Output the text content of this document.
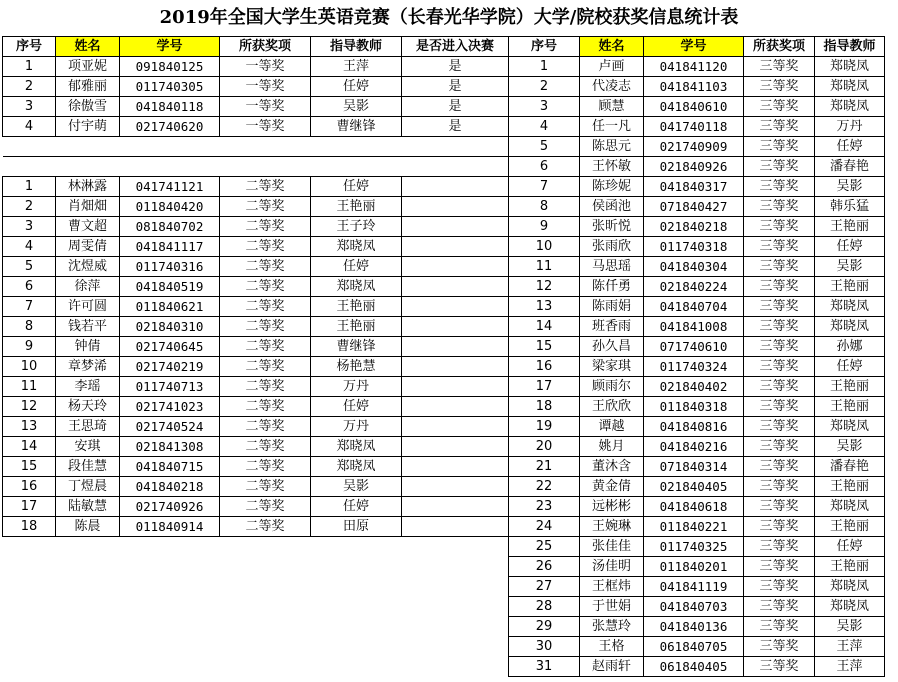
2019年全国大学生英语竞赛（长春光华学院）大学/院校获奖信息统计表
序号	姓名	学号	所获奖项	指导教师	是否进入决赛
1	项亚妮	091840125	一等奖	王萍	是
2	郁雅丽	011740305	一等奖	任婷	是
3	徐傲雪	041840118	一等奖	吴影	是
4	付宇萌	021740620	一等奖	曹继锋	是

1	林淋露	041741121	二等奖	任婷	
2	肖畑畑	011840420	二等奖	王艳丽	
3	曹文超	081840702	二等奖	王子玲	
4	周雯倩	041841117	二等奖	郑晓凤	
5	沈煜威	011740316	二等奖	任婷	
6	徐萍	041840519	二等奖	郑晓凤	
7	许可圆	011840621	二等奖	王艳丽	
8	钱若平	021840310	二等奖	王艳丽	
9	钟倩	021740645	二等奖	曹继锋	
10	章梦浠	021740219	二等奖	杨艳慧	
11	李瑶	011740713	二等奖	万丹	
12	杨天玲	021741023	二等奖	任婷	
13	王思琦	021740524	二等奖	万丹	
14	安琪	021841308	二等奖	郑晓凤	
15	段佳慧	041840715	二等奖	郑晓凤	
16	丁煜晨	041840218	二等奖	吴影	
17	陆敏慧	021740926	二等奖	任婷	
18	陈晨	011840914	二等奖	田原	
序号	姓名	学号	所获奖项	指导教师
1	卢画	041841120	三等奖	郑晓凤
2	代凌志	041841103	三等奖	郑晓凤
3	顾慧	041840610	三等奖	郑晓凤
4	任一凡	041740118	三等奖	万丹
5	陈思元	021740909	三等奖	任婷
6	王怀敏	021840926	三等奖	潘春艳
7	陈珍妮	041840317	三等奖	吴影
8	侯函池	071840427	三等奖	韩乐猛
9	张昕悦	021840218	三等奖	王艳丽
10	张雨欣	011740318	三等奖	任婷
11	马思瑶	041840304	三等奖	吴影
12	陈仟勇	021840224	三等奖	王艳丽
13	陈雨娟	041840704	三等奖	郑晓凤
14	班香雨	041841008	三等奖	郑晓凤
15	孙久昌	071740610	三等奖	孙娜
16	梁家琪	011740324	三等奖	任婷
17	顾雨尔	021840402	三等奖	王艳丽
18	王欣欣	011840318	三等奖	王艳丽
19	谭越	041840816	三等奖	郑晓凤
20	姚月	041840216	三等奖	吴影
21	董沐含	071840314	三等奖	潘春艳
22	黄金倩	021840405	三等奖	王艳丽
23	远彬彬	041840618	三等奖	郑晓凤
24	王婉琳	011840221	三等奖	王艳丽
25	张佳佳	011740325	三等奖	任婷
26	汤佳明	011840201	三等奖	王艳丽
27	王框炜	041841119	三等奖	郑晓凤
28	于世娟	041840703	三等奖	郑晓凤
29	张慧玲	041840136	三等奖	吴影
30	王格	061840705	三等奖	王萍
31	赵雨轩	061840405	三等奖	王萍
